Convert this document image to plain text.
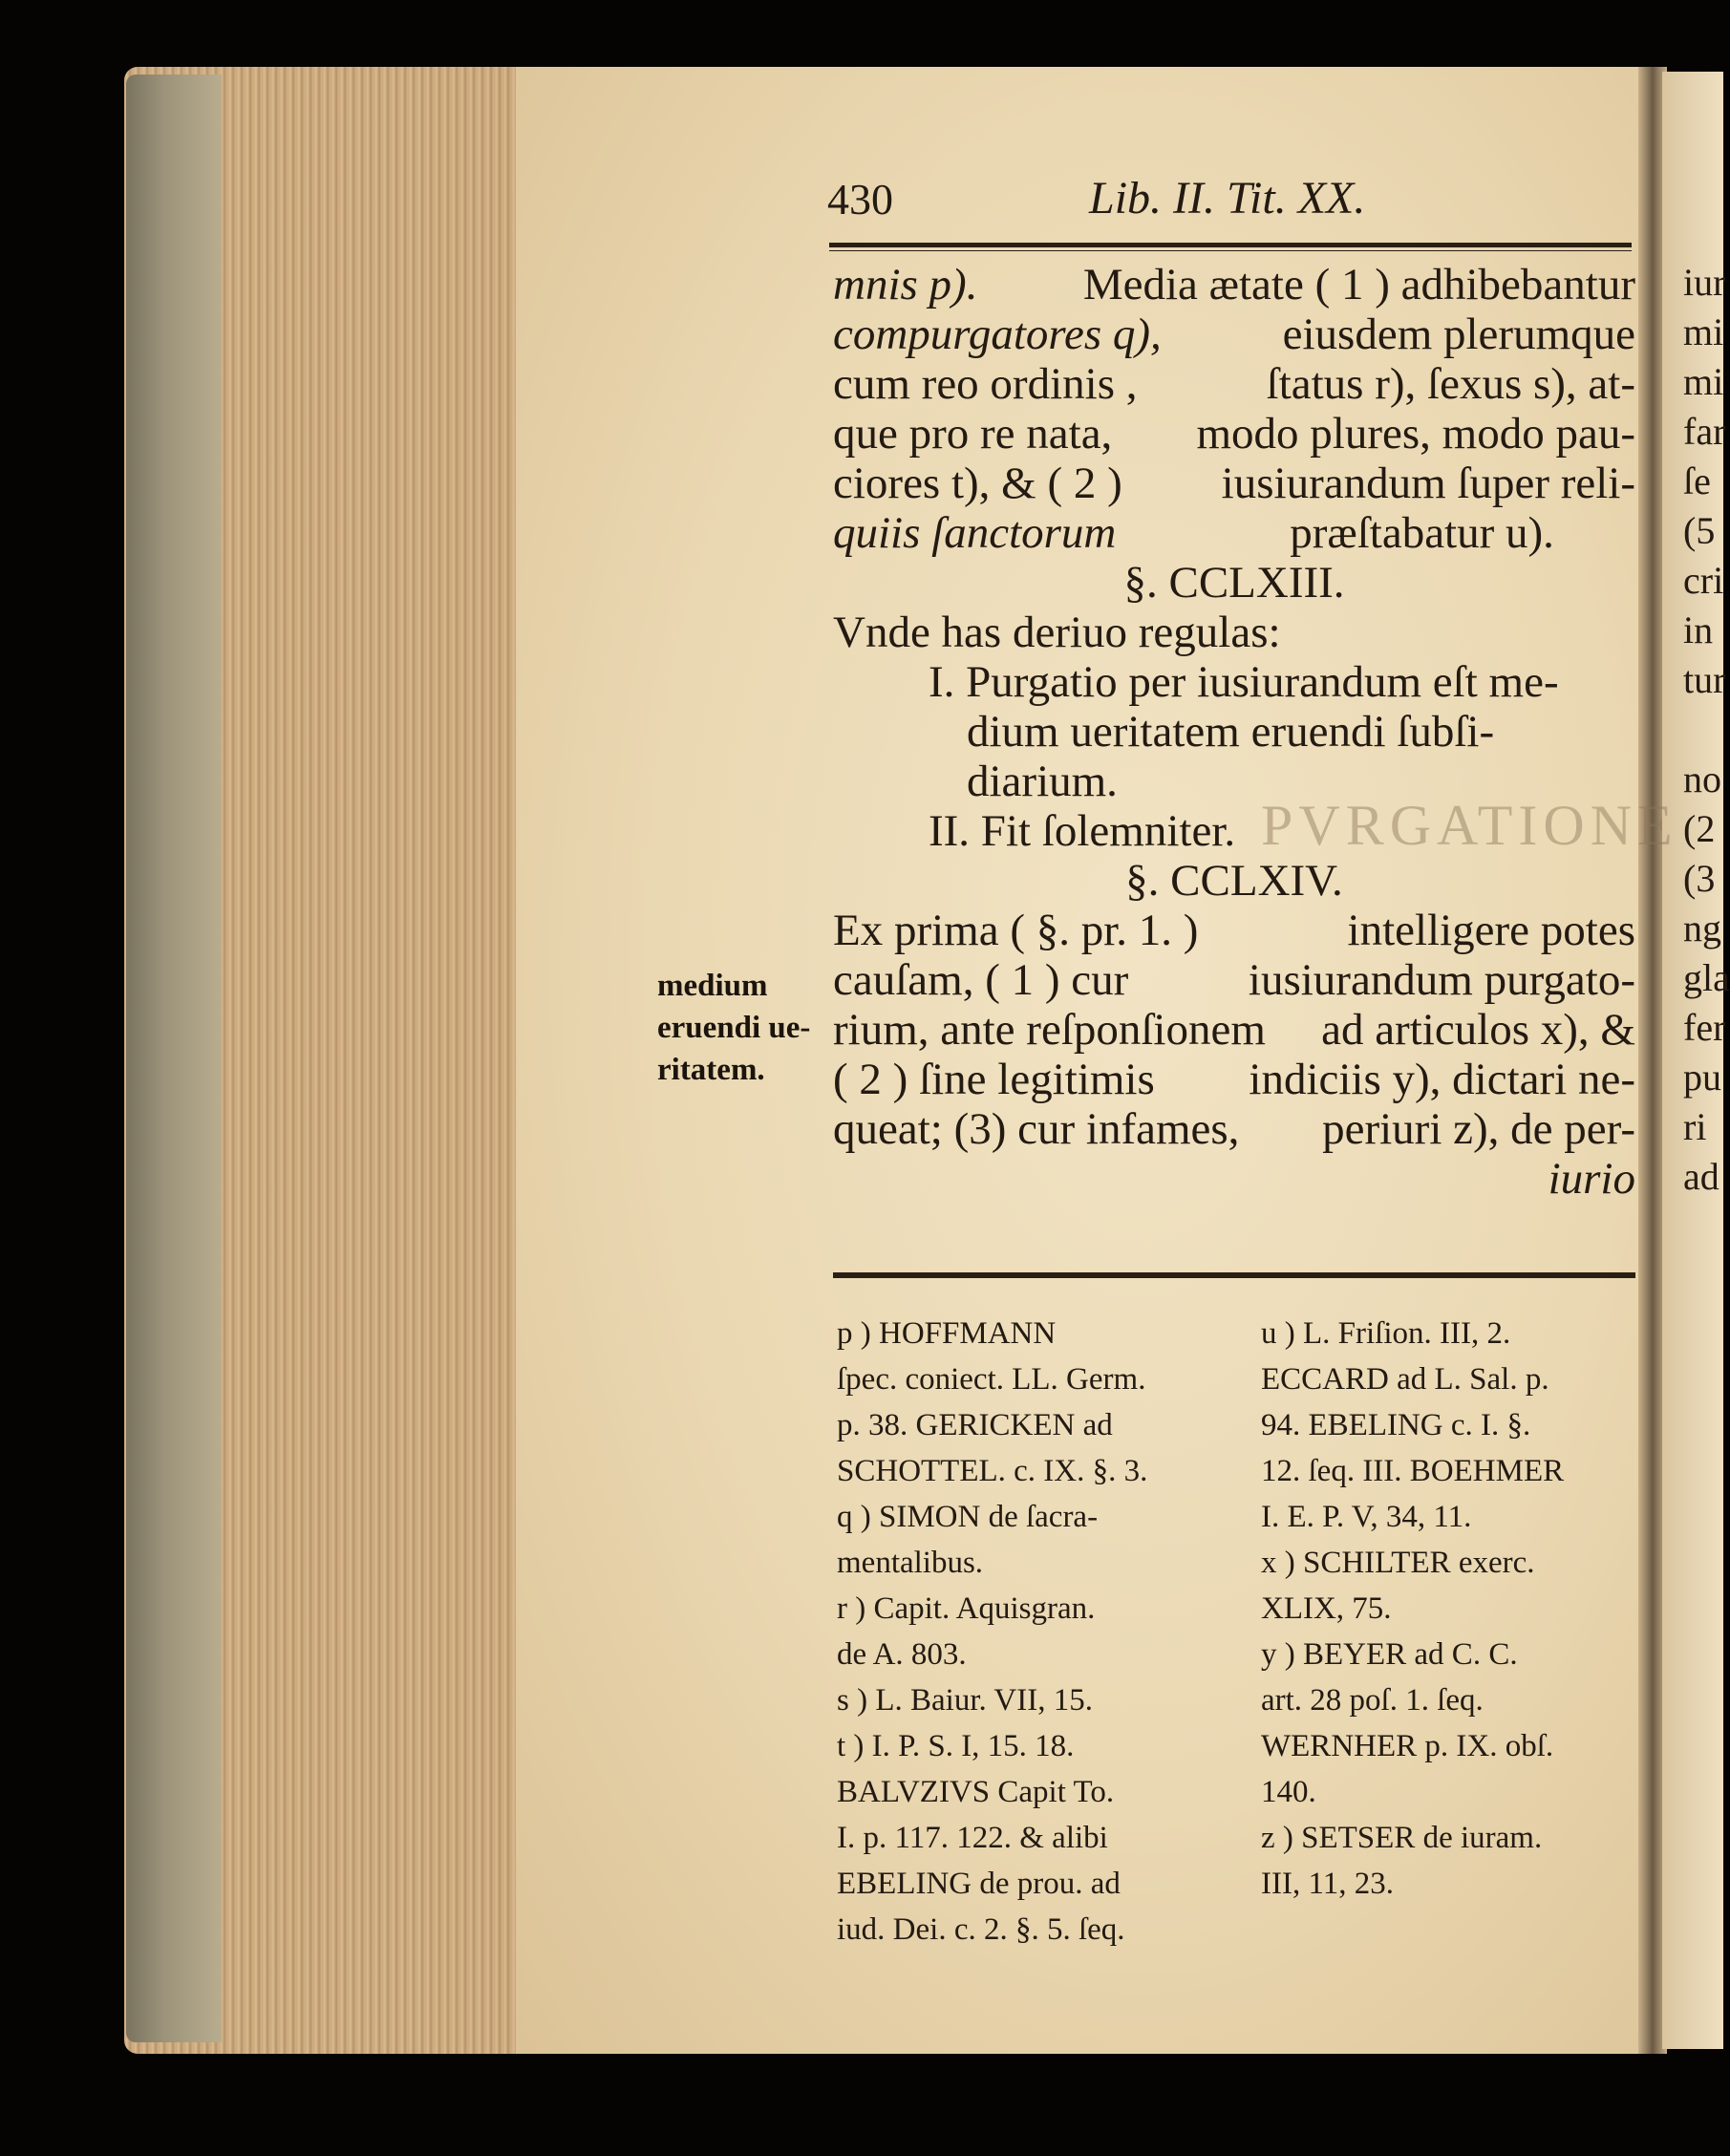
PVRGATIONE
430	Lib. II. Tit. XX.
mnis p). Media ætate ( 1 ) adhibebantur
compurgatores q),	eiusdem plerumque
cum reo ordinis ,	ſtatus r), ſexus s), at-
que pro re nata, modo plures, modo pau-
ciores t), & ( 2 ) iusiurandum ſuper reli-
quiis ſanctorum
	præſtabatur u).
§. CCLXIII.
Vnde has deriuo regulas:
I. Purgatio per iusiurandum eſt me-
dium ueritatem eruendi ſubſi-
diarium.
II. Fit ſolemniter.
§. CCLXIV.
Ex prima ( §. pr. 1. )	intelligere potes
cauſam, ( 1 ) cur	iusiurandum purgato-
rium, ante reſponſionem ad articulos x), &
( 2 ) ſine legitimis indiciis y), dictari ne-
queat; (3) cur infames, periuri z), de per-
iurio
medium
eruendi ue-
ritatem.
p ) HOFFMANN
ſpec. coniect. LL. Germ.
p. 38. GERICKEN ad
SCHOTTEL. c. IX. §. 3.
q ) SIMON de ſacra-
mentalibus.
r ) Capit. Aquisgran.
de A. 803.
s ) L. Baiur. VII, 15.
t ) I. P. S. I, 15. 18.
BALVZIVS Capit To.
I. p. 117. 122. & alibi
EBELING de prou. ad
iud. Dei. c. 2. §. 5. ſeq.
u ) L. Friſion. III, 2.
ECCARD ad L. Sal. p.
94. EBELING c. I. §.
12. ſeq. III. BOEHMER
I. E. P. V, 34, 11.
x ) SCHILTER exerc.
XLIX, 75.
y ) BEYER ad C. C.
art. 28 poſ. 1. ſeq.
WERNHER p. IX. obſ.
140.
z ) SETSER de iuram.
III, 11, 23.
iur
mi
mi
far
ſe
(5
cri
in
tur
no
(2
(3
ng
gla
fer
pu
ri
ad
